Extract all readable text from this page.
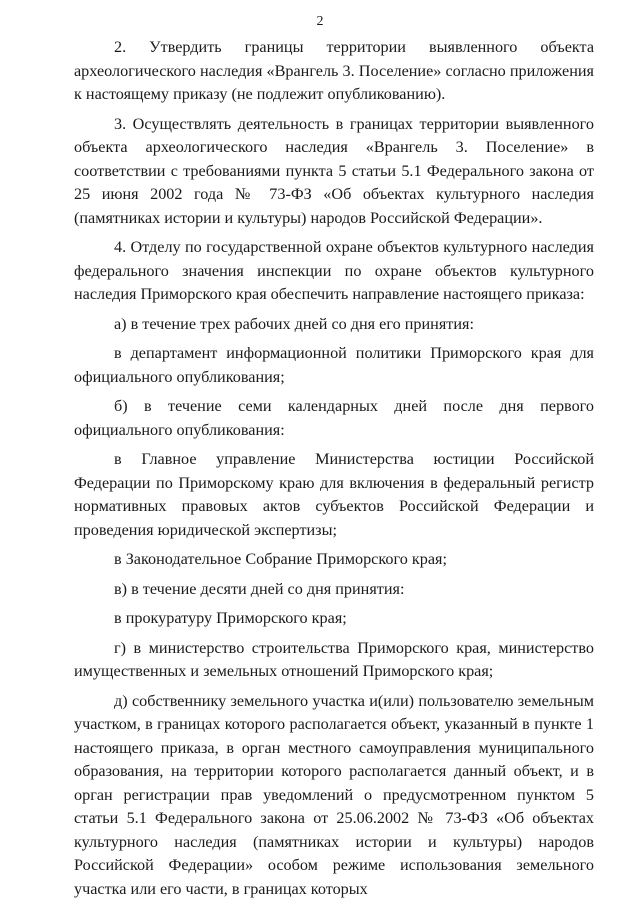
2

2. Утвердить границы территории выявленного объекта археологического наследия «Врангель 3. Поселение» согласно приложения к настоящему приказу (не подлежит опубликованию).

3. Осуществлять деятельность в границах территории выявленного объекта археологического наследия «Врангель 3. Поселение» в соответствии с требованиями пункта 5 статьи 5.1 Федерального закона от 25 июня 2002 года № 73-ФЗ «Об объектах культурного наследия (памятниках истории и культуры) народов Российской Федерации».

4. Отделу по государственной охране объектов культурного наследия федерального значения инспекции по охране объектов культурного наследия Приморского края обеспечить направление настоящего приказа:

а) в течение трех рабочих дней со дня его принятия:

в департамент информационной политики Приморского края для официального опубликования;

б) в течение семи календарных дней после дня первого официального опубликования:

в Главное управление Министерства юстиции Российской Федерации по Приморскому краю для включения в федеральный регистр нормативных правовых актов субъектов Российской Федерации и проведения юридической экспертизы;

в Законодательное Собрание Приморского края;

в) в течение десяти дней со дня принятия:

в прокуратуру Приморского края;

г) в министерство строительства Приморского края, министерство имущественных и земельных отношений Приморского края;

д) собственнику земельного участка и(или) пользователю земельным участком, в границах которого располагается объект, указанный в пункте 1 настоящего приказа, в орган местного самоуправления муниципального образования, на территории которого располагается данный объект, и в орган регистрации прав уведомлений о предусмотренном пунктом 5 статьи 5.1 Федерального закона от 25.06.2002 № 73-ФЗ «Об объектах культурного наследия (памятниках истории и культуры) народов Российской Федерации» особом режиме использования земельного участка или его части, в границах которых
